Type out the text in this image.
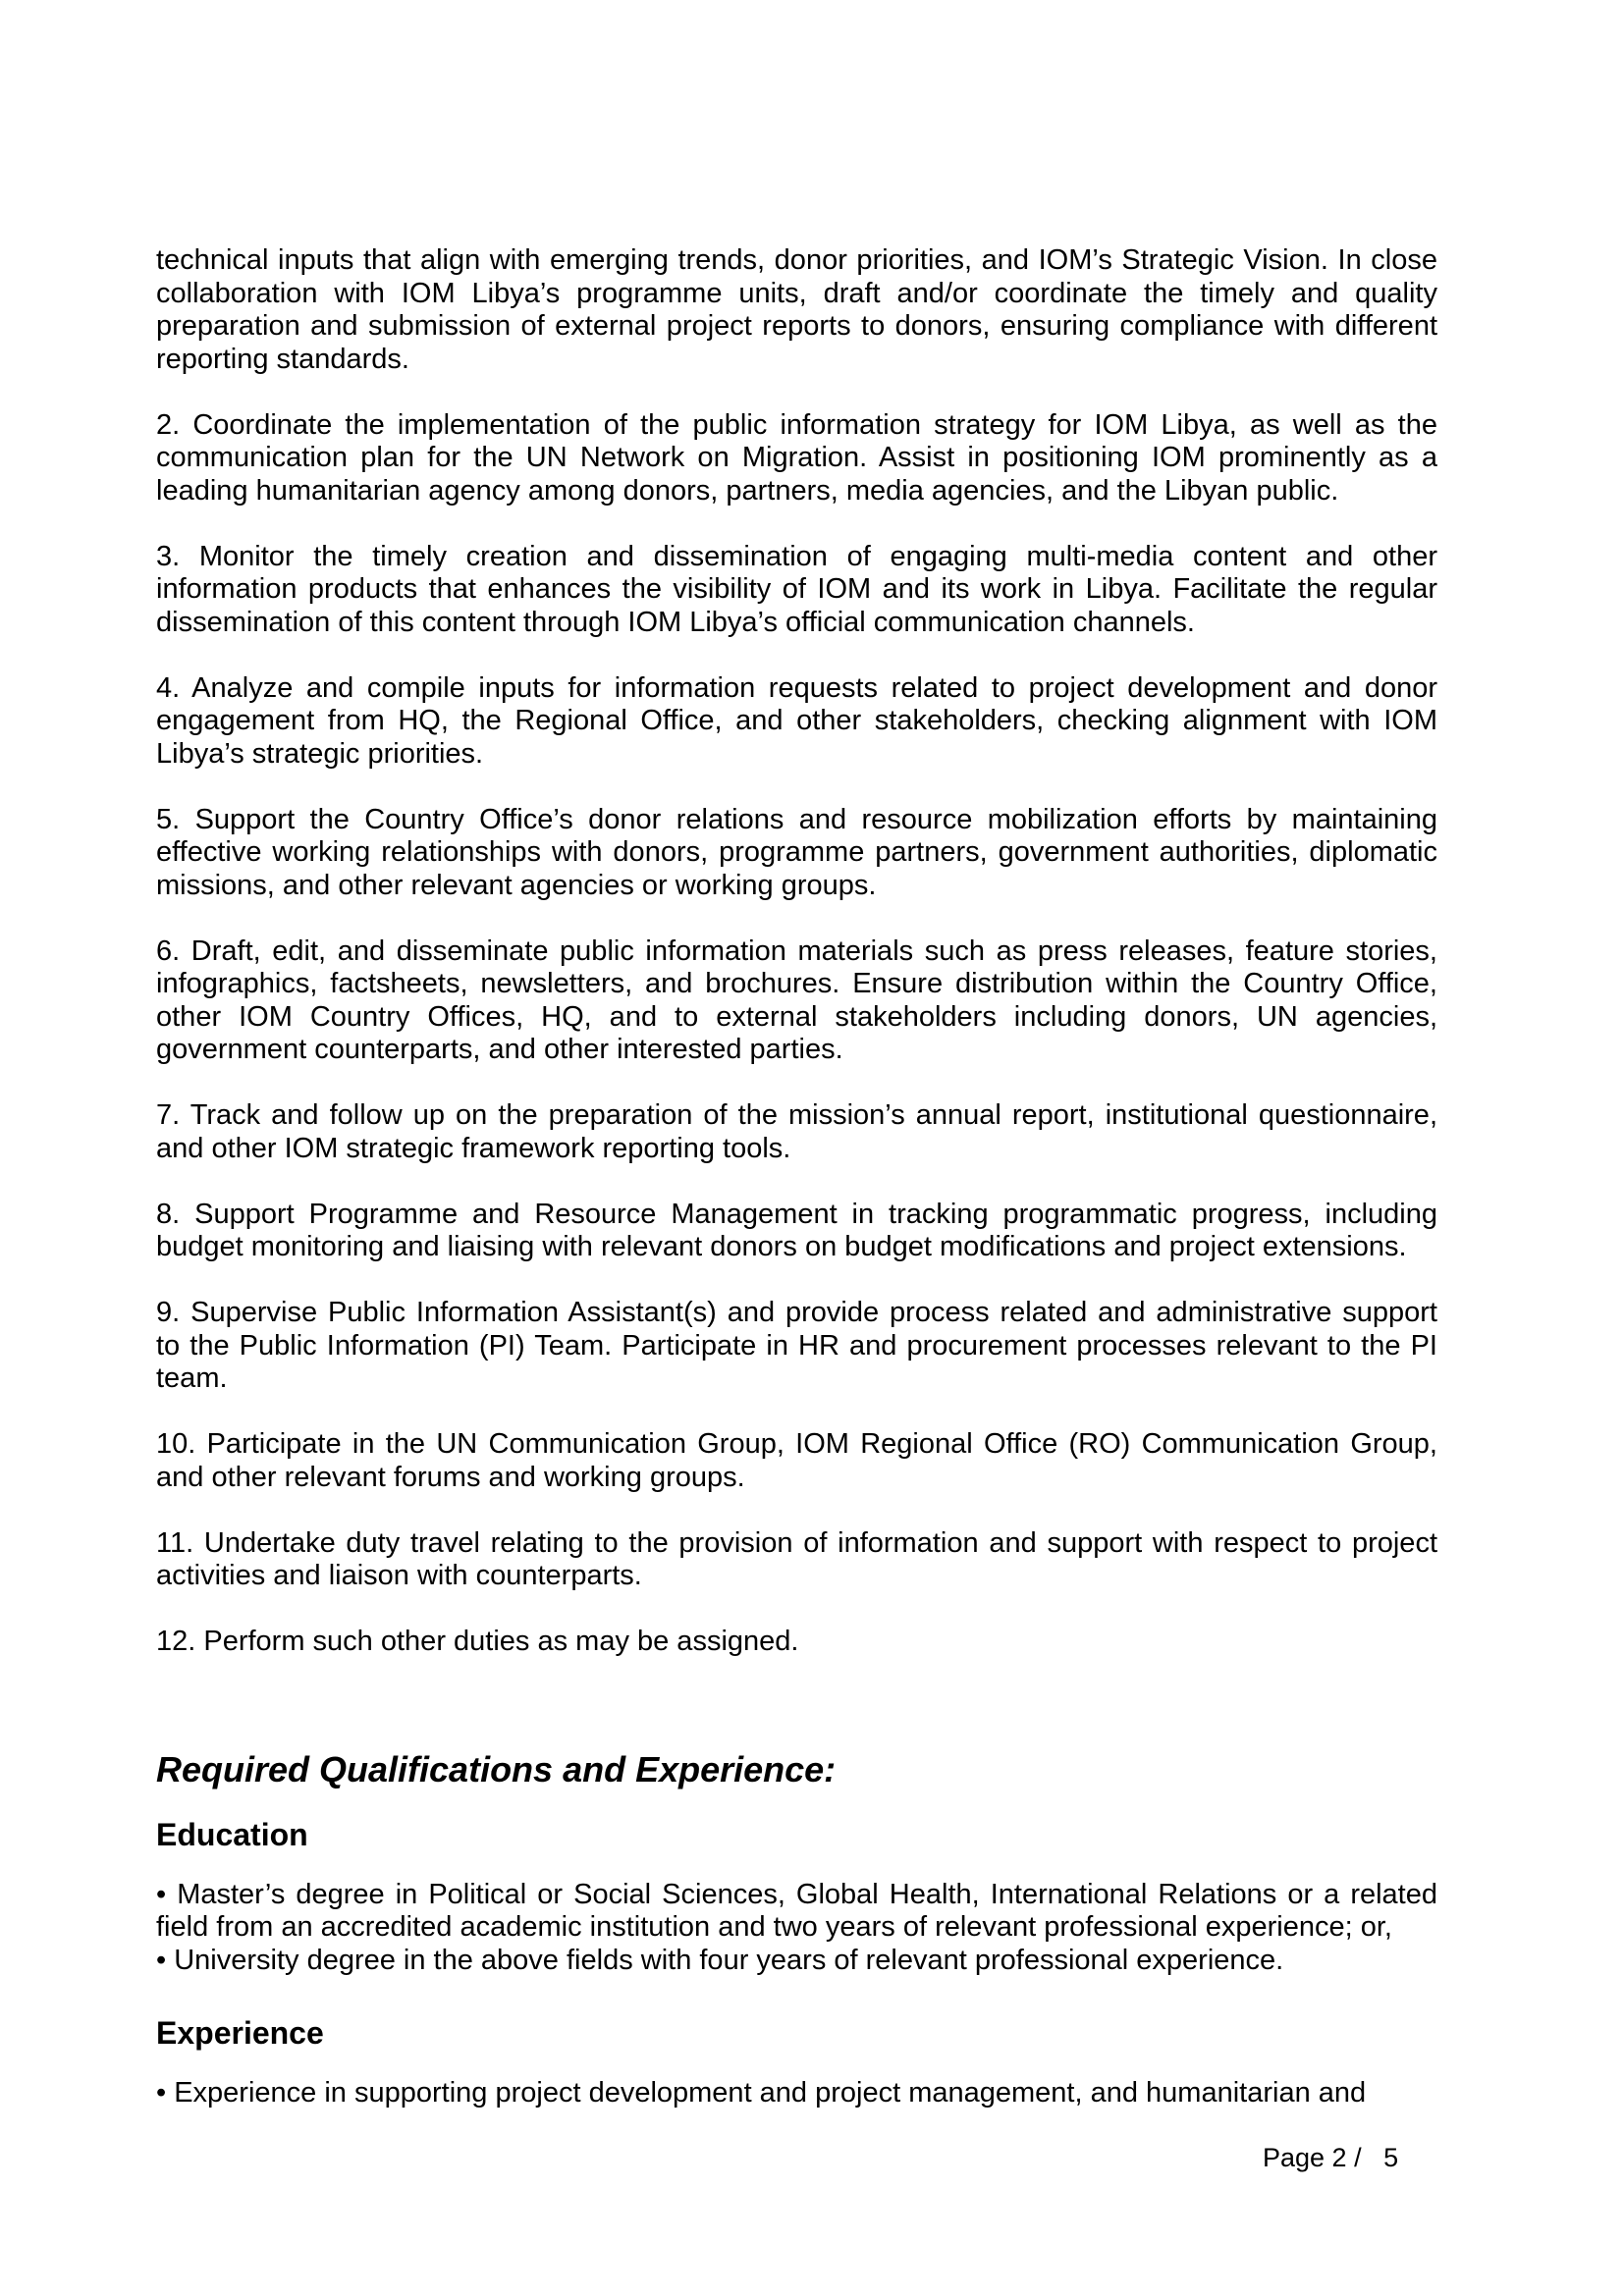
technical inputs that align with emerging trends, donor priorities, and IOM’s Strategic Vision. In close collaboration with IOM Libya’s programme units, draft and/or coordinate the timely and quality preparation and submission of external project reports to donors, ensuring compliance with different reporting standards.

2. Coordinate the implementation of the public information strategy for IOM Libya, as well as the communication plan for the UN Network on Migration. Assist in positioning IOM prominently as a leading humanitarian agency among donors, partners, media agencies, and the Libyan public.

3. Monitor the timely creation and dissemination of engaging multi-media content and other information products that enhances the visibility of IOM and its work in Libya. Facilitate the regular dissemination of this content through IOM Libya’s official communication channels.

4. Analyze and compile inputs for information requests related to project development and donor engagement from HQ, the Regional Office, and other stakeholders, checking alignment with IOM Libya’s strategic priorities.

5. Support the Country Office’s donor relations and resource mobilization efforts by maintaining effective working relationships with donors, programme partners, government authorities, diplomatic missions, and other relevant agencies or working groups.

6. Draft, edit, and disseminate public information materials such as press releases, feature stories, infographics, factsheets, newsletters, and brochures. Ensure distribution within the Country Office, other IOM Country Offices, HQ, and to external stakeholders including donors, UN agencies, government counterparts, and other interested parties.

7. Track and follow up on the preparation of the mission’s annual report, institutional questionnaire, and other IOM strategic framework reporting tools.

8. Support Programme and Resource Management in tracking programmatic progress, including budget monitoring and liaising with relevant donors on budget modifications and project extensions.

9. Supervise Public Information Assistant(s) and provide process related and administrative support to the Public Information (PI) Team. Participate in HR and procurement processes relevant to the PI team.

10. Participate in the UN Communication Group, IOM Regional Office (RO) Communication Group, and other relevant forums and working groups.

11. Undertake duty travel relating to the provision of information and support with respect to project activities and liaison with counterparts.

12. Perform such other duties as may be assigned.

Required Qualifications and Experience:
Education
• Master’s degree in Political or Social Sciences, Global Health, International Relations or a related field from an accredited academic institution and two years of relevant professional experience; or,
• University degree in the above fields with four years of relevant professional experience.
Experience
• Experience in supporting project development and project management, and humanitarian and
Page 2 /   5
